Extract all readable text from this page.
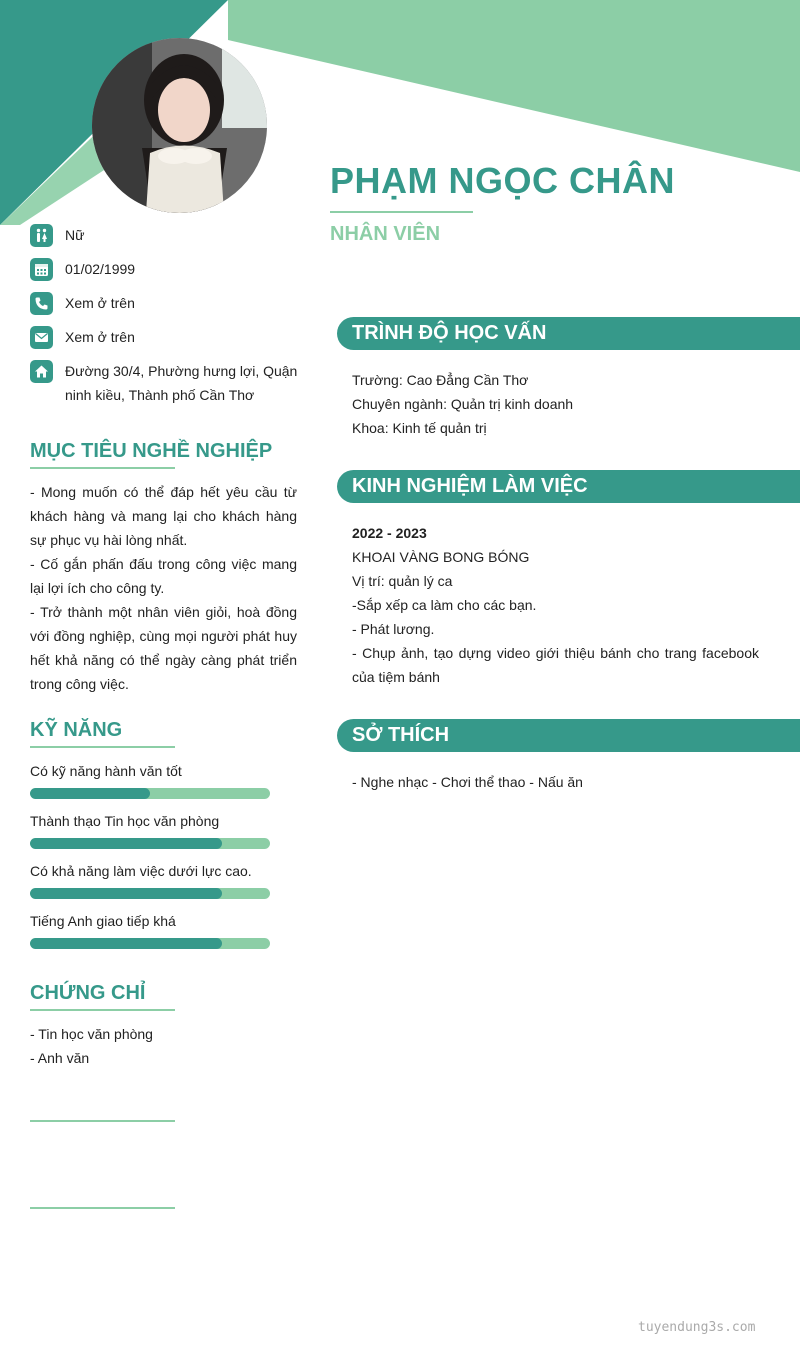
PHẠM NGỌC CHÂN
NHÂN VIÊN
Nữ
01/02/1999
Xem ở trên
Xem ở trên
Đường 30/4, Phường hưng lợi, Quận ninh kiều, Thành phố Cần Thơ
MỤC TIÊU NGHỀ NGHIỆP

- Mong muốn có thể đáp hết yêu cầu từ khách hàng và mang lại cho khách hàng sự phục vụ hài lòng nhất.

- Cố gắn phấn đấu trong công việc mang lại lợi ích cho công ty.

- Trở thành một nhân viên giỏi, hoà đồng với đồng nghiệp, cùng mọi người phát huy hết khả năng có thể ngày càng phát triển trong công việc.

KỸ NĂNG
Có kỹ năng hành văn tốt
Thành thạo Tin học văn phòng
Có khả năng làm việc dưới lực cao.
Tiếng Anh giao tiếp khá
CHỨNG CHỈ

- Tin học văn phòng

- Anh văn

TRÌNH ĐỘ HỌC VẤN

Trường: Cao Đẳng Cần Thơ

Chuyên ngành: Quản trị kinh doanh

Khoa: Kinh tế quản trị

KINH NGHIỆM LÀM VIỆC

2022 - 2023

KHOAI VÀNG BONG BÓNG

Vị trí: quản lý ca

-Sắp xếp ca làm cho các bạn.

- Phát lương.

- Chụp ảnh, tạo dựng video giới thiệu bánh cho trang facebook của tiệm bánh

SỞ THÍCH

- Nghe nhạc - Chơi thể thao - Nấu ăn

tuyendung3s.com
